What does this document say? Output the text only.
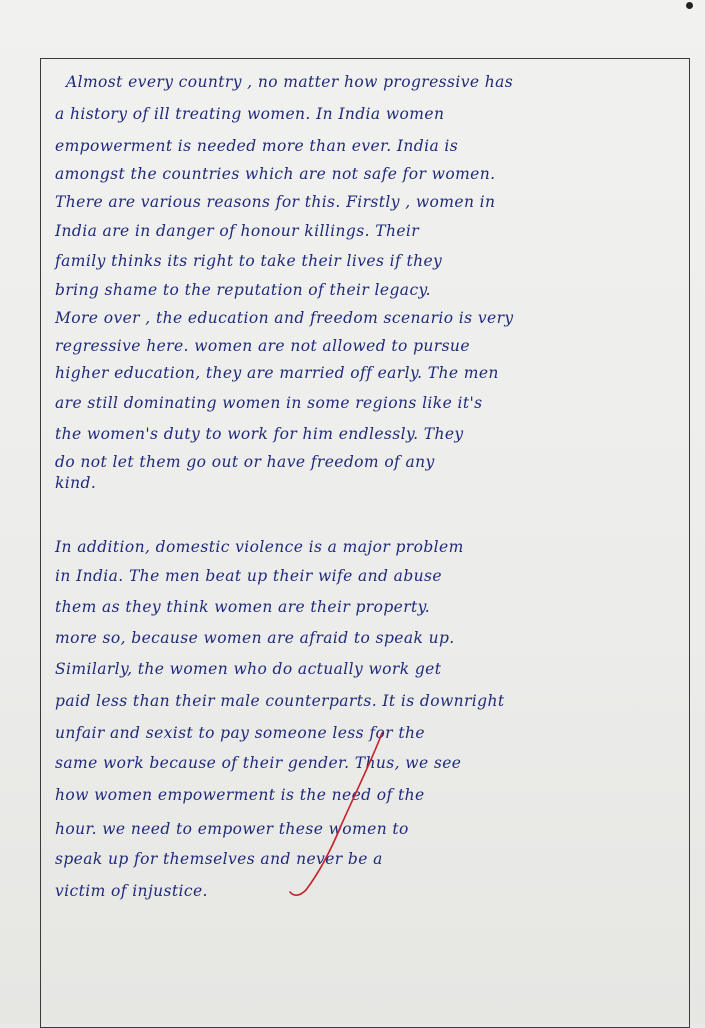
Almost every country , no matter how progressive has
a history of ill treating women. In India women
empowerment is needed more than ever. India is
amongst the countries which are not safe for women.
There are various reasons for this. Firstly , women in
India are in danger of honour killings. Their
family thinks its right to take their lives if they
bring shame to the reputation of their legacy.
More over , the education and freedom scenario is very
regressive here. women are not allowed to pursue
higher education, they are married off early. The men
are still dominating women in some regions like it's
the women's duty to work for him endlessly. They
do not let them go out or have freedom of any
kind.
In addition, domestic violence is a major problem
in India. The men beat up their wife and abuse
them as they think women are their property.
more so, because women are afraid to speak up.
Similarly, the women who do actually work get
paid less than their male counterparts. It is downright
unfair and sexist to pay someone less for the
same work because of their gender. Thus, we see
how women empowerment is the need of the
hour. we need to empower these women to
speak up for themselves and never be a
victim of injustice.
